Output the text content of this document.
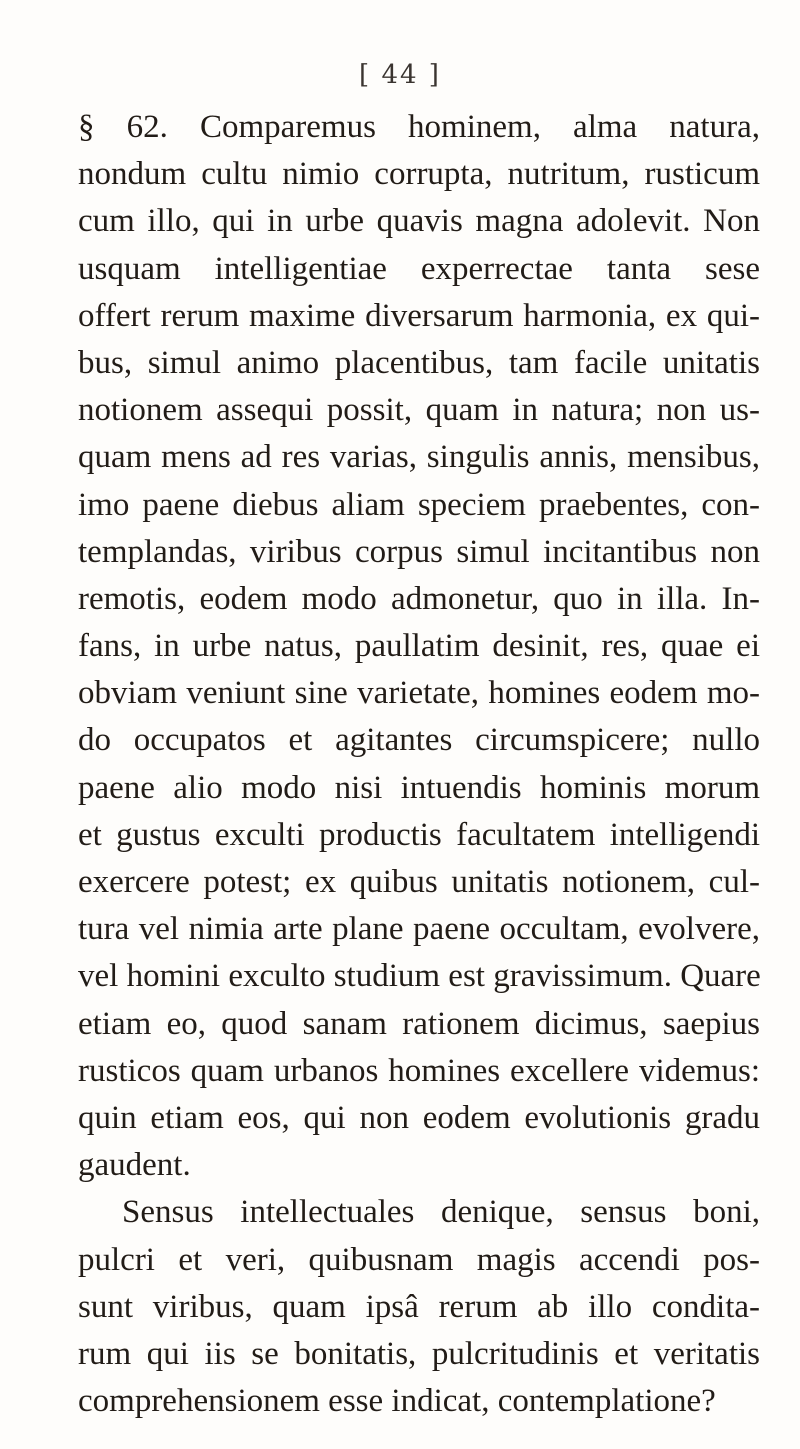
[ 44 ]
§ 62. Comparemus hominem, alma natura,
nondum cultu nimio corrupta, nutritum, rusticum
cum illo, qui in urbe quavis magna adolevit. Non
usquam intelligentiae experrectae tanta sese
offert rerum maxime diversarum harmonia, ex qui-
bus, simul animo placentibus, tam facile unitatis
notionem assequi possit, quam in natura; non us-
quam mens ad res varias, singulis annis, mensibus,
imo paene diebus aliam speciem praebentes, con-
templandas, viribus corpus simul incitantibus non
remotis, eodem modo admonetur, quo in illa. In-
fans, in urbe natus, paullatim desinit, res, quae ei
obviam veniunt sine varietate, homines eodem mo-
do occupatos et agitantes circumspicere; nullo
paene alio modo nisi intuendis hominis morum
et gustus exculti productis facultatem intelligendi
exercere potest; ex quibus unitatis notionem, cul-
tura vel nimia arte plane paene occultam, evolvere,
vel homini exculto studium est gravissimum. Quare
etiam eo, quod sanam rationem dicimus, saepius
rusticos quam urbanos homines excellere videmus:
quin etiam eos, qui non eodem evolutionis gradu
gaudent.
Sensus intellectuales denique, sensus boni,
pulcri et veri, quibusnam magis accendi pos-
sunt viribus, quam ipsâ rerum ab illo condita-
rum qui iis se bonitatis, pulcritudinis et veritatis
comprehensionem esse indicat, contemplatione?
